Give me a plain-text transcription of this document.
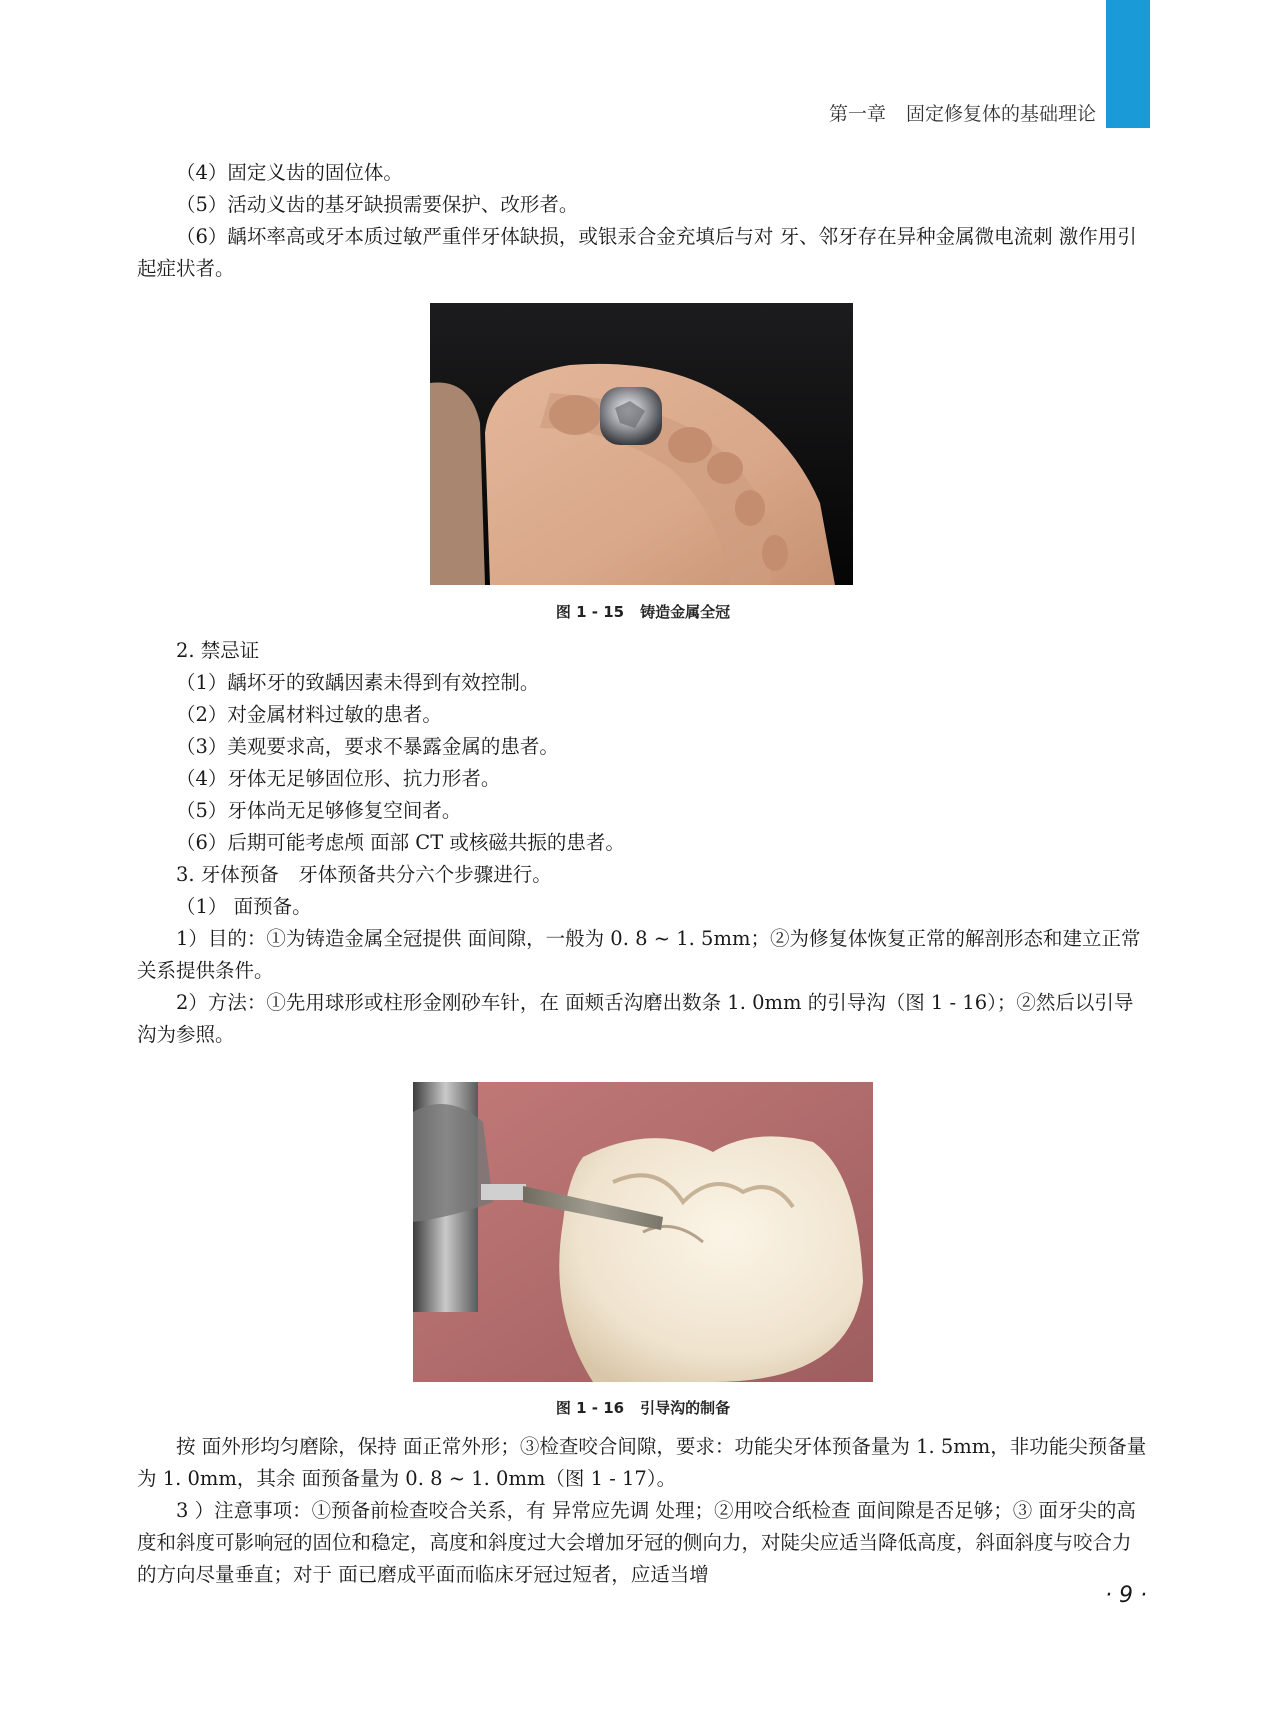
第一章 固定修复体的基础理论

（4）固定义齿的固位体。

（5）活动义齿的基牙缺损需要保护、改形者。

（6）龋坏率高或牙本质过敏严重伴牙体缺损，或银汞合金充填后与对 牙、邻牙存在异种金属微电流刺 激作用引起症状者。

图 1 - 15 铸造金属全冠

2. 禁忌证

（1）龋坏牙的致龋因素未得到有效控制。

（2）对金属材料过敏的患者。

（3）美观要求高，要求不暴露金属的患者。

（4）牙体无足够固位形、抗力形者。

（5）牙体尚无足够修复空间者。

（6）后期可能考虑颅 面部 CT 或核磁共振的患者。

3. 牙体预备　牙体预备共分六个步骤进行。

（1） 面预备。

1）目的：①为铸造金属全冠提供 面间隙，一般为 0. 8 ~ 1. 5mm；②为修复体恢复正常的解剖形态和建立正常 关系提供条件。

2）方法：①先用球形或柱形金刚砂车针，在 面颊舌沟磨出数条 1. 0mm 的引导沟（图 1 - 16）；②然后以引导沟为参照。

图 1 - 16 引导沟的制备

按 面外形均匀磨除，保持 面正常外形；③检查咬合间隙，要求：功能尖牙体预备量为 1. 5mm，非功能尖预备量为 1. 0mm，其余 面预备量为 0. 8 ~ 1. 0mm（图 1 - 17）。

3 ）注意事项：①预备前检查咬合关系，有 异常应先调 处理；②用咬合纸检查 面间隙是否足够；③ 面牙尖的高度和斜度可影响冠的固位和稳定，高度和斜度过大会增加牙冠的侧向力，对陡尖应适当降低高度，斜面斜度与咬合力的方向尽量垂直；对于 面已磨成平面而临床牙冠过短者，应适当增

· 9 ·
